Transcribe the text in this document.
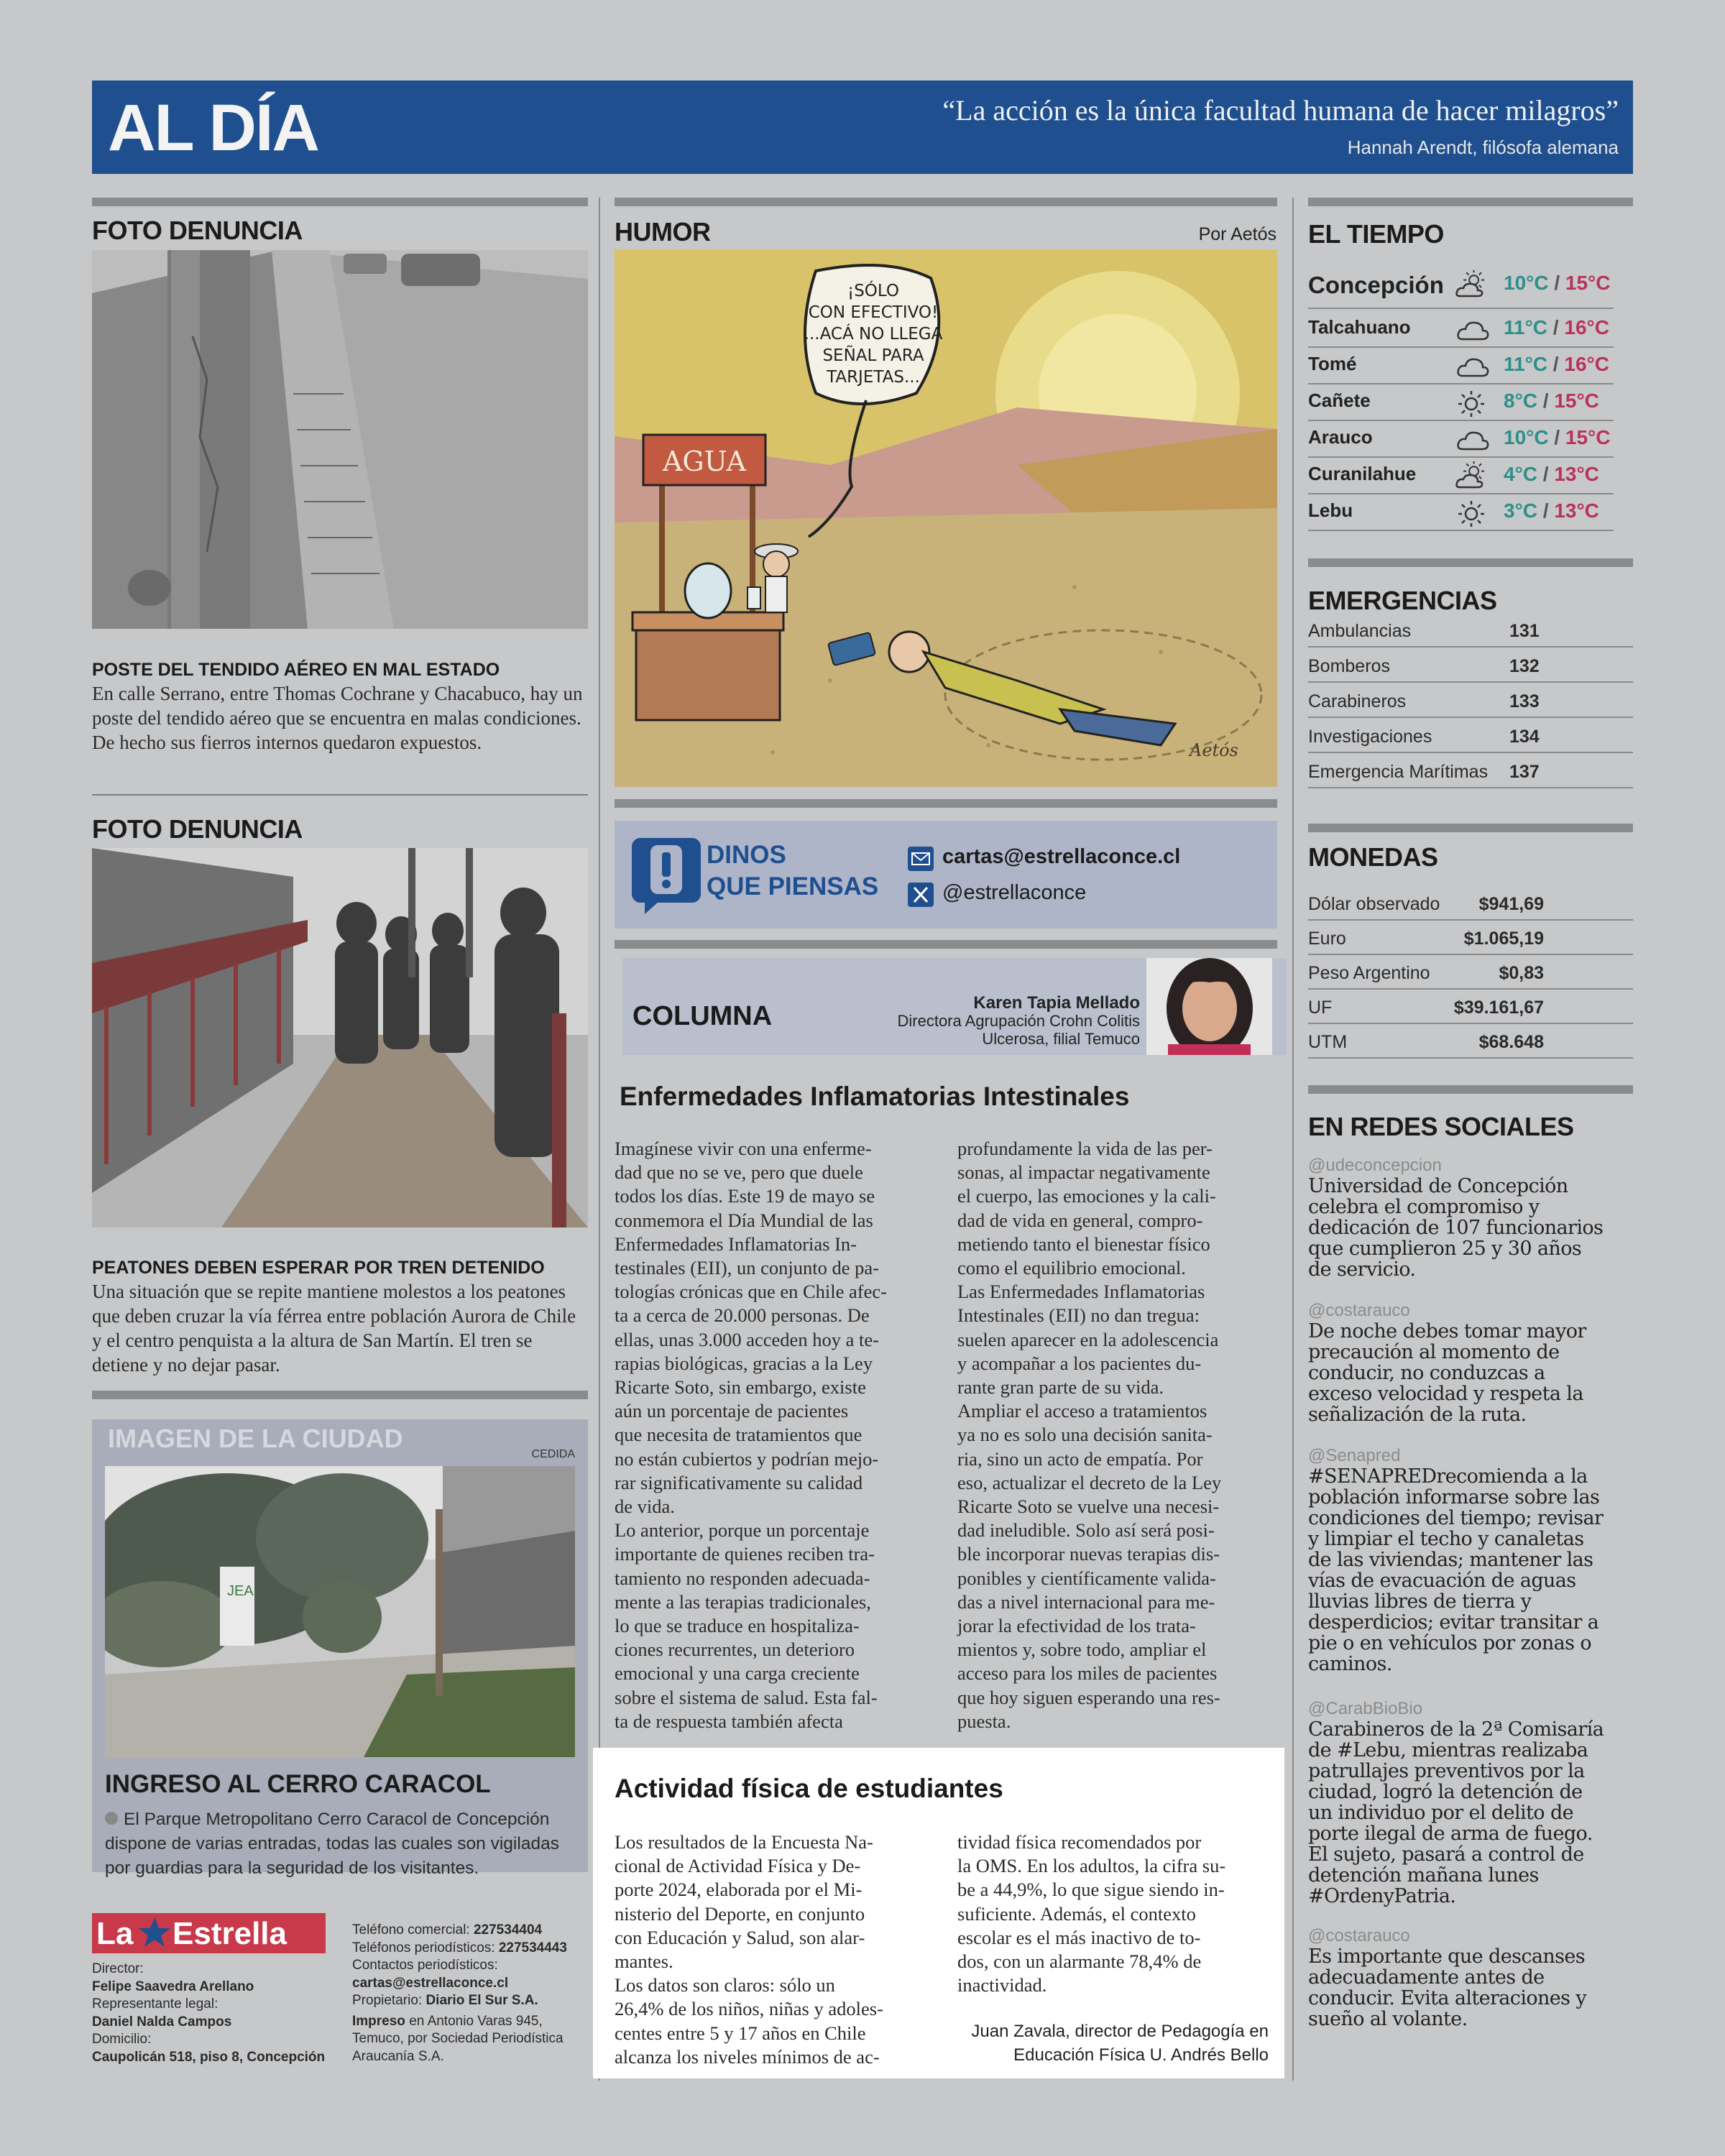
AL DÍA	“La acción es la única facultad humana de hacer milagros”
Hannah Arendt, filósofa alemana
FOTO DENUNCIA
POSTE DEL TENDIDO AÉREO EN MAL ESTADO
En calle Serrano, entre Thomas Cochrane y Chacabuco, hay un poste del tendido aéreo que se encuentra en malas condiciones. De hecho sus fierros internos quedaron expuestos.
FOTO DENUNCIA
PEATONES DEBEN ESPERAR POR TREN DETENIDO
Una situación que se repite mantiene molestos a los peatones que deben cruzar la vía férrea entre población Aurora de Chile y el centro penquista a la altura de San Martín. El tren se detiene y no dejar pasar.
IMAGEN DE LA CIUDAD
CEDIDA
JEA
INGRESO AL CERRO CARACOL
El Parque Metropolitano Cerro Caracol de Concepción dispone de varias entradas, todas las cuales son vigiladas por guardias para la seguridad de los visitantes.
La Estrella
Director:
Felipe Saavedra Arellano
Representante legal:
Daniel Nalda Campos
Domicilio:
Caupolicán 518, piso 8, Concepción
Teléfono comercial: 227534404
Teléfonos periodísticos: 227534443
Contactos periodísticos:
cartas@estrellaconce.cl
Propietario: Diario El Sur S.A.
Impreso en Antonio Varas 945, Temuco, por Sociedad Periodística Araucanía S.A.
HUMOR	Por Aetós
¡SÓLO
CON EFECTIVO!
...ACÁ NO LLEGA
SEÑAL PARA
TARJETAS...
AGUA
Aetós
DINOS
QUE PIENSAS
cartas@estrellaconce.cl
@estrellaconce
COLUMNA	Karen Tapia Mellado
Directora Agrupación Crohn Colitis
Ulcerosa, filial Temuco
Enfermedades Inflamatorias Intestinales
Imagínese vivir con una enferme-
dad que no se ve, pero que duele
todos los días. Este 19 de mayo se
conmemora el Día Mundial de las
Enfermedades Inflamatorias In-
testinales (EII), un conjunto de pa-
tologías crónicas que en Chile afec-
ta a cerca de 20.000 personas. De
ellas, unas 3.000 acceden hoy a te-
rapias biológicas, gracias a la Ley
Ricarte Soto, sin embargo, existe
aún un porcentaje de pacientes
que necesita de tratamientos que
no están cubiertos y podrían mejo-
rar significativamente su calidad
de vida.
Lo anterior, porque un porcentaje
importante de quienes reciben tra-
tamiento no responden adecuada-
mente a las terapias tradicionales,
lo que se traduce en hospitaliza-
ciones recurrentes, un deterioro
emocional y una carga creciente
sobre el sistema de salud. Esta fal-
ta de respuesta también afecta
profundamente la vida de las per-
sonas, al impactar negativamente
el cuerpo, las emociones y la cali-
dad de vida en general, compro-
metiendo tanto el bienestar físico
como el equilibrio emocional.
Las Enfermedades Inflamatorias
Intestinales (EII) no dan tregua:
suelen aparecer en la adolescencia
y acompañar a los pacientes du-
rante gran parte de su vida.
Ampliar el acceso a tratamientos
ya no es solo una decisión sanita-
ria, sino un acto de empatía. Por
eso, actualizar el decreto de la Ley
Ricarte Soto se vuelve una necesi-
dad ineludible. Solo así será posi-
ble incorporar nuevas terapias dis-
ponibles y científicamente valida-
das a nivel internacional para me-
jorar la efectividad de los trata-
mientos y, sobre todo, ampliar el
acceso para los miles de pacientes
que hoy siguen esperando una res-
puesta.
Actividad física de estudiantes
Los resultados de la Encuesta Na-
cional de Actividad Física y De-
porte 2024, elaborada por el Mi-
nisterio del Deporte, en conjunto
con Educación y Salud, son alar-
mantes.
Los datos son claros: sólo un
26,4% de los niños, niñas y adoles-
centes entre 5 y 17 años en Chile
alcanza los niveles mínimos de ac-
tividad física recomendados por
la OMS. En los adultos, la cifra su-
be a 44,9%, lo que sigue siendo in-
suficiente. Además, el contexto
escolar es el más inactivo de to-
dos, con un alarmante 78,4% de
inactividad.
Juan Zavala, director de Pedagogía en
Educación Física U. Andrés Bello
EL TIEMPO
Concepción	10°C / 15°C
Talcahuano	11°C / 16°C
Tomé	11°C / 16°C
Cañete	8°C / 15°C
Arauco	10°C / 15°C
Curanilahue	4°C / 13°C
Lebu	3°C / 13°C
EMERGENCIAS
Ambulancias	131
Bomberos	132
Carabineros	133
Investigaciones	134
Emergencia Marítimas 137
MONEDAS
Dólar observado $941,69
Euro	$1.065,19
Peso Argentino	$0,83
UF	$39.161,67
UTM	$68.648
EN REDES SOCIALES
@udeconcepcion
Universidad de Concepción
celebra el compromiso y
dedicación de 107 funcionarios
que cumplieron 25 y 30 años
de servicio.
@costarauco
De noche debes tomar mayor
precaución al momento de
conducir, no conduzcas a
exceso velocidad y respeta la
señalización de la ruta.
@Senapred
#SENAPREDrecomienda a la
población informarse sobre las
condiciones del tiempo; revisar
y limpiar el techo y canaletas
de las viviendas; mantener las
vías de evacuación de aguas
lluvias libres de tierra y
desperdicios; evitar transitar a
pie o en vehículos por zonas o
caminos.
@CarabBioBio
Carabineros de la 2ª Comisaría
de #Lebu, mientras realizaba
patrullajes preventivos por la
ciudad, logró la detención de
un individuo por el delito de
porte ilegal de arma de fuego.
El sujeto, pasará a control de
detención mañana lunes
#OrdenyPatria.
@costarauco
Es importante que descanses
adecuadamente antes de
conducir. Evita alteraciones y
sueño al volante.
